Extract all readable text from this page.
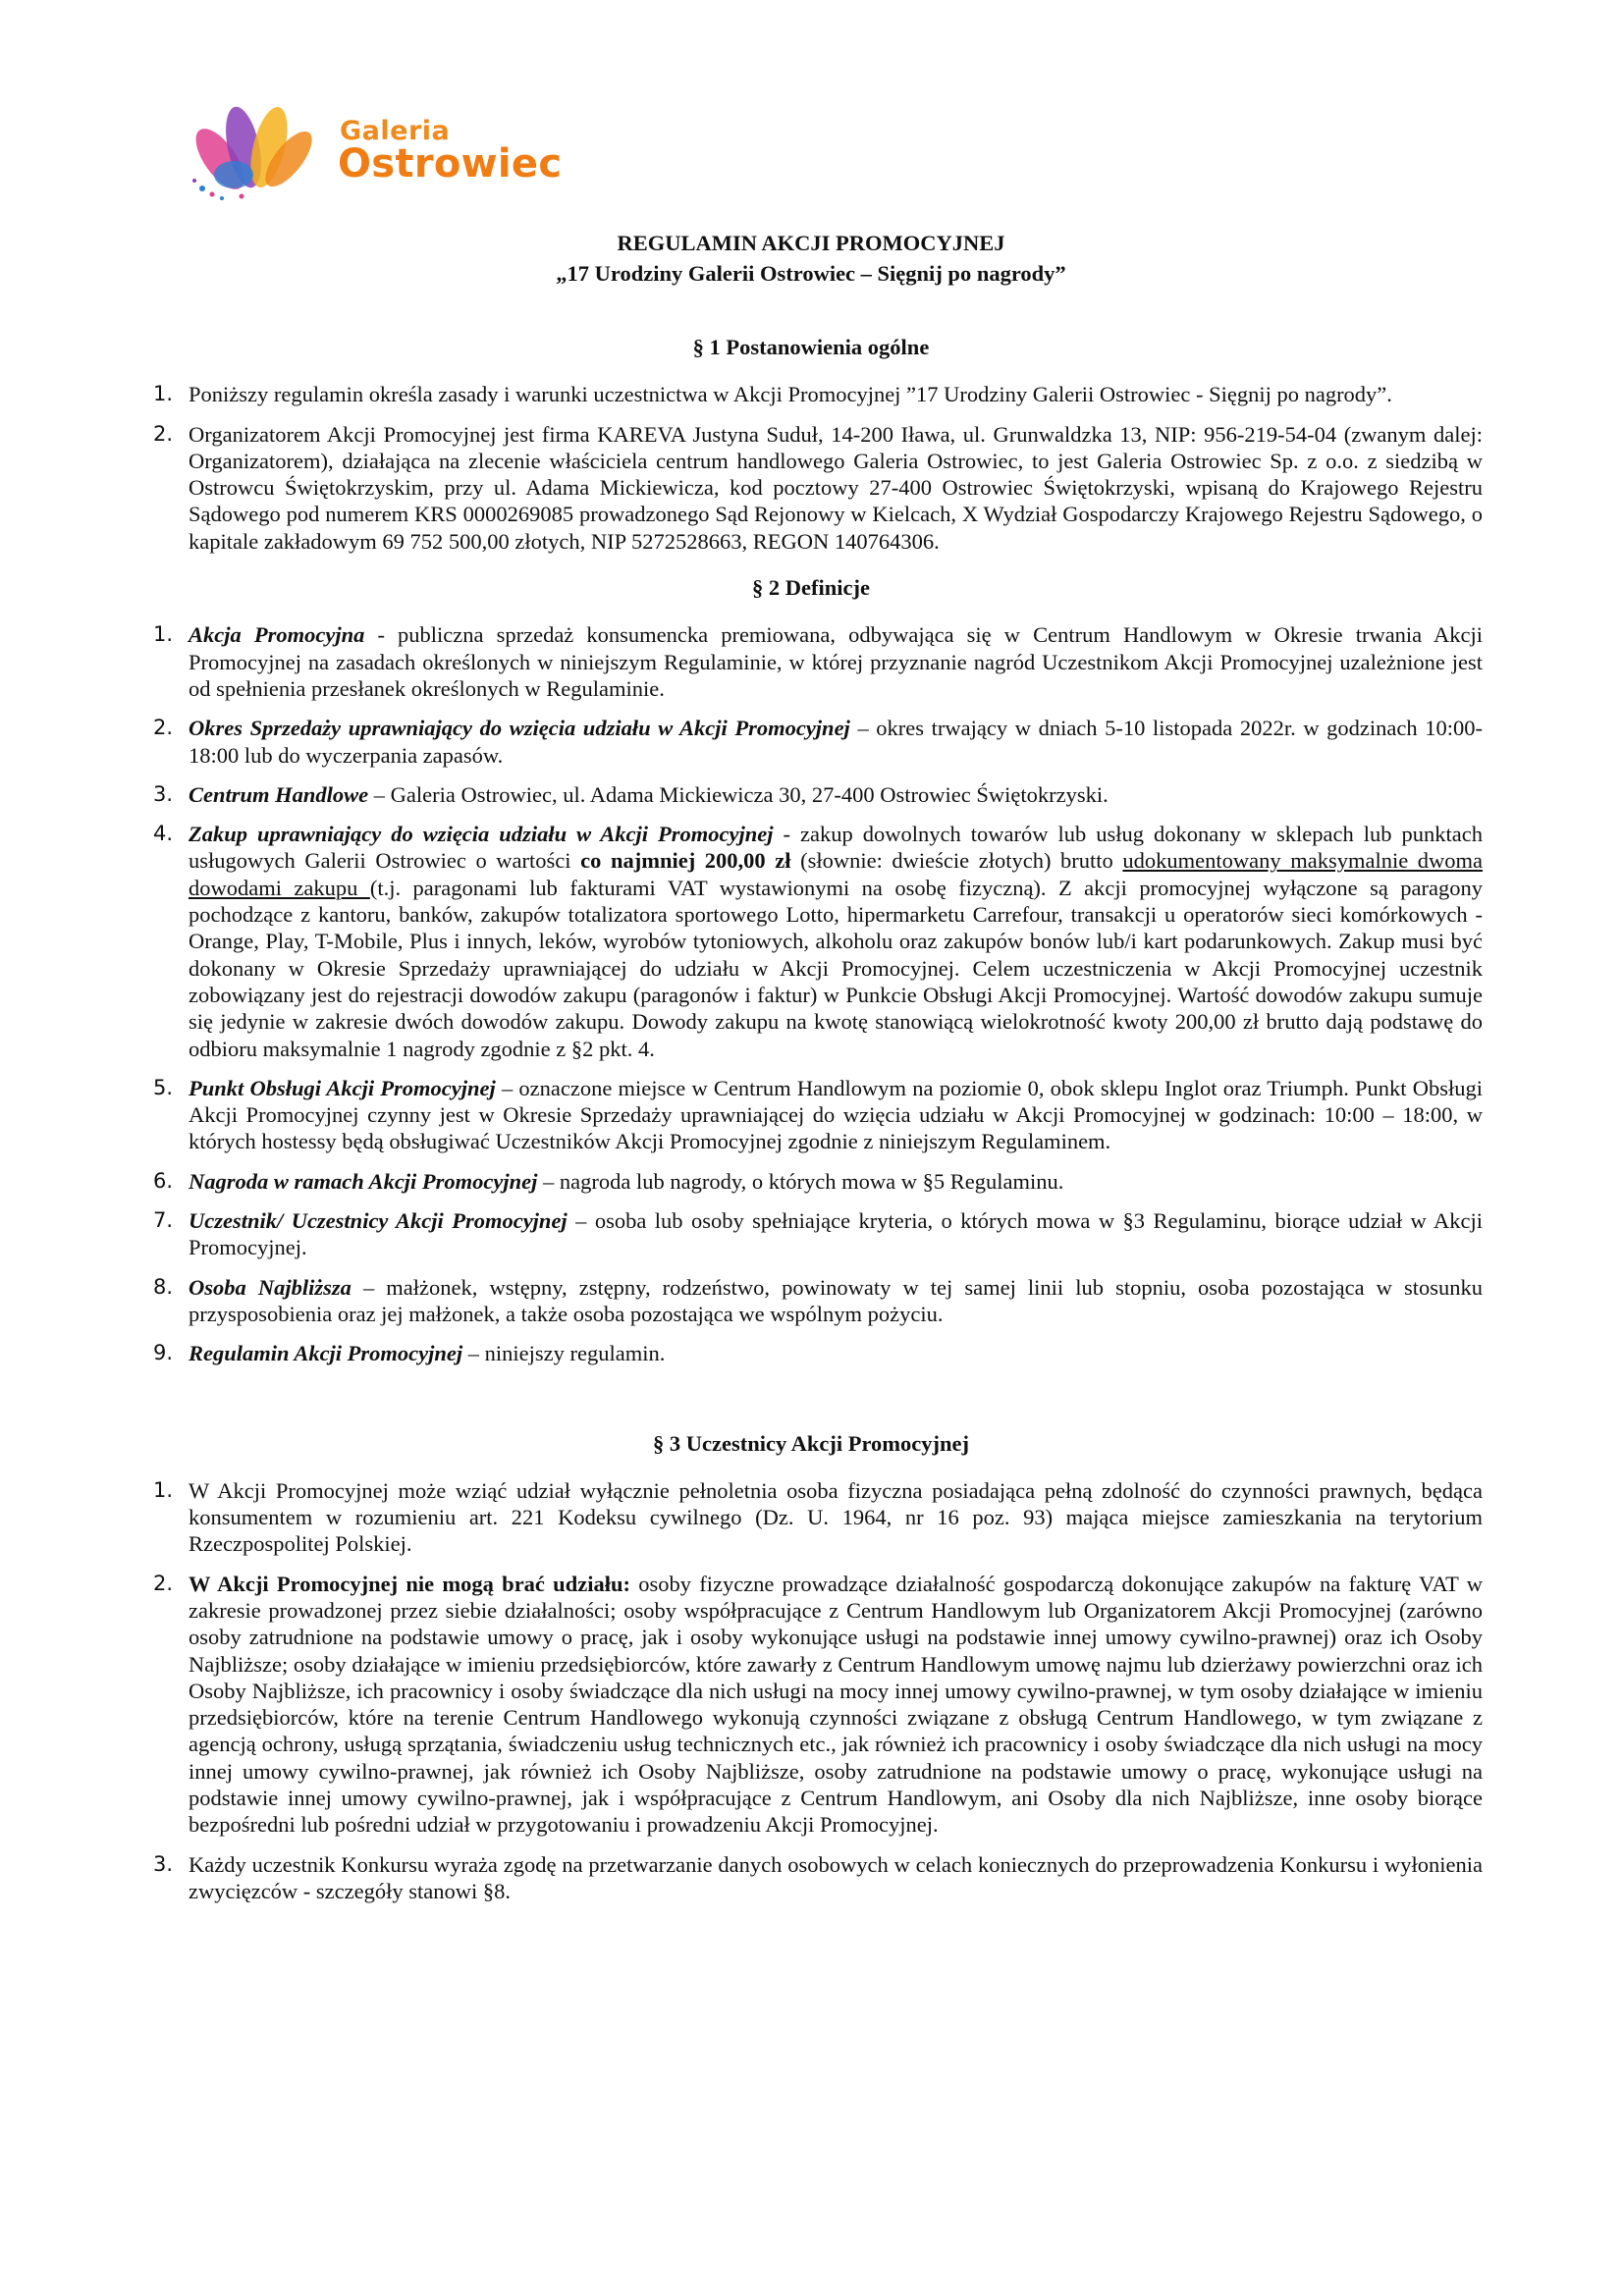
Galeria
Ostrowiec
REGULAMIN AKCJI PROMOCYJNEJ
„17 Urodziny Galerii Ostrowiec – Sięgnij po nagrody”
§ 1 Postanowienia ogólne
1. Poniższy regulamin określa zasady i warunki uczestnictwa w Akcji Promocyjnej ”17 Urodziny Galerii Ostrowiec - Sięgnij po nagrody”.
2. Organizatorem Akcji Promocyjnej jest firma KAREVA Justyna Suduł, 14-200 Iława, ul. Grunwaldzka 13, NIP: 956-219-54-04 (zwanym dalej: Organizatorem), działająca na zlecenie właściciela centrum handlowego Galeria Ostrowiec, to jest Galeria Ostrowiec Sp. z o.o. z siedzibą w Ostrowcu Świętokrzyskim, przy ul. Adama Mickiewicza, kod pocztowy 27-400 Ostrowiec Świętokrzyski, wpisaną do Krajowego Rejestru Sądowego pod numerem KRS 0000269085 prowadzonego Sąd Rejonowy w Kielcach, X Wydział Gospodarczy Krajowego Rejestru Sądowego, o kapitale zakładowym 69 752 500,00 złotych, NIP 5272528663, REGON 140764306.
§ 2 Definicje
1. Akcja Promocyjna - publiczna sprzedaż konsumencka premiowana, odbywająca się w Centrum Handlowym w Okresie trwania Akcji Promocyjnej na zasadach określonych w niniejszym Regulaminie, w której przyznanie nagród Uczestnikom Akcji Promocyjnej uzależnione jest od spełnienia przesłanek określonych w Regulaminie.
2. Okres Sprzedaży uprawniający do wzięcia udziału w Akcji Promocyjnej – okres trwający w dniach 5-10 listopada 2022r. w godzinach 10:00-18:00 lub do wyczerpania zapasów.
3. Centrum Handlowe – Galeria Ostrowiec, ul. Adama Mickiewicza 30, 27-400 Ostrowiec Świętokrzyski.
4. Zakup uprawniający do wzięcia udziału w Akcji Promocyjnej - zakup dowolnych towarów lub usług dokonany w sklepach lub punktach usługowych Galerii Ostrowiec o wartości co najmniej 200,00 zł (słownie: dwieście złotych) brutto udokumentowany maksymalnie dwoma dowodami zakupu (t.j. paragonami lub fakturami VAT wystawionymi na osobę fizyczną). Z akcji promocyjnej wyłączone są paragony pochodzące z kantoru, banków, zakupów totalizatora sportowego Lotto, hipermarketu Carrefour, transakcji u operatorów sieci komórkowych - Orange, Play, T-Mobile, Plus i innych, leków, wyrobów tytoniowych, alkoholu oraz zakupów bonów lub/i kart podarunkowych. Zakup musi być dokonany w Okresie Sprzedaży uprawniającej do udziału w Akcji Promocyjnej. Celem uczestniczenia w Akcji Promocyjnej uczestnik zobowiązany jest do rejestracji dowodów zakupu (paragonów i faktur) w Punkcie Obsługi Akcji Promocyjnej. Wartość dowodów zakupu sumuje się jedynie w zakresie dwóch dowodów zakupu. Dowody zakupu na kwotę stanowiącą wielokrotność kwoty 200,00 zł brutto dają podstawę do odbioru maksymalnie 1 nagrody zgodnie z §2 pkt. 4.
5. Punkt Obsługi Akcji Promocyjnej – oznaczone miejsce w Centrum Handlowym na poziomie 0, obok sklepu Inglot oraz Triumph. Punkt Obsługi Akcji Promocyjnej czynny jest w Okresie Sprzedaży uprawniającej do wzięcia udziału w Akcji Promocyjnej w godzinach: 10:00 – 18:00, w których hostessy będą obsługiwać Uczestników Akcji Promocyjnej zgodnie z niniejszym Regulaminem.
6. Nagroda w ramach Akcji Promocyjnej – nagroda lub nagrody, o których mowa w §5 Regulaminu.
7. Uczestnik/ Uczestnicy Akcji Promocyjnej – osoba lub osoby spełniające kryteria, o których mowa w §3 Regulaminu, biorące udział w Akcji Promocyjnej.
8. Osoba Najbliższa – małżonek, wstępny, zstępny, rodzeństwo, powinowaty w tej samej linii lub stopniu, osoba pozostająca w stosunku przysposobienia oraz jej małżonek, a także osoba pozostająca we wspólnym pożyciu.
9. Regulamin Akcji Promocyjnej – niniejszy regulamin.
§ 3 Uczestnicy Akcji Promocyjnej
1. W Akcji Promocyjnej może wziąć udział wyłącznie pełnoletnia osoba fizyczna posiadająca pełną zdolność do czynności prawnych, będąca konsumentem w rozumieniu art. 221 Kodeksu cywilnego (Dz. U. 1964, nr 16 poz. 93) mająca miejsce zamieszkania na terytorium Rzeczpospolitej Polskiej.
2. W Akcji Promocyjnej nie mogą brać udziału: osoby fizyczne prowadzące działalność gospodarczą dokonujące zakupów na fakturę VAT w zakresie prowadzonej przez siebie działalności; osoby współpracujące z Centrum Handlowym lub Organizatorem Akcji Promocyjnej (zarówno osoby zatrudnione na podstawie umowy o pracę, jak i osoby wykonujące usługi na podstawie innej umowy cywilno-prawnej) oraz ich Osoby Najbliższe; osoby działające w imieniu przedsiębiorców, które zawarły z Centrum Handlowym umowę najmu lub dzierżawy powierzchni oraz ich Osoby Najbliższe, ich pracownicy i osoby świadczące dla nich usługi na mocy innej umowy cywilno-prawnej, w tym osoby działające w imieniu przedsiębiorców, które na terenie Centrum Handlowego wykonują czynności związane z obsługą Centrum Handlowego, w tym związane z agencją ochrony, usługą sprzątania, świadczeniu usług technicznych etc., jak również ich pracownicy i osoby świadczące dla nich usługi na mocy innej umowy cywilno-prawnej, jak również ich Osoby Najbliższe, osoby zatrudnione na podstawie umowy o pracę, wykonujące usługi na podstawie innej umowy cywilno-prawnej, jak i współpracujące z Centrum Handlowym, ani Osoby dla nich Najbliższe, inne osoby biorące bezpośredni lub pośredni udział w przygotowaniu i prowadzeniu Akcji Promocyjnej.
3. Każdy uczestnik Konkursu wyraża zgodę na przetwarzanie danych osobowych w celach koniecznych do przeprowadzenia Konkursu i wyłonienia zwycięzców - szczegóły stanowi §8.
